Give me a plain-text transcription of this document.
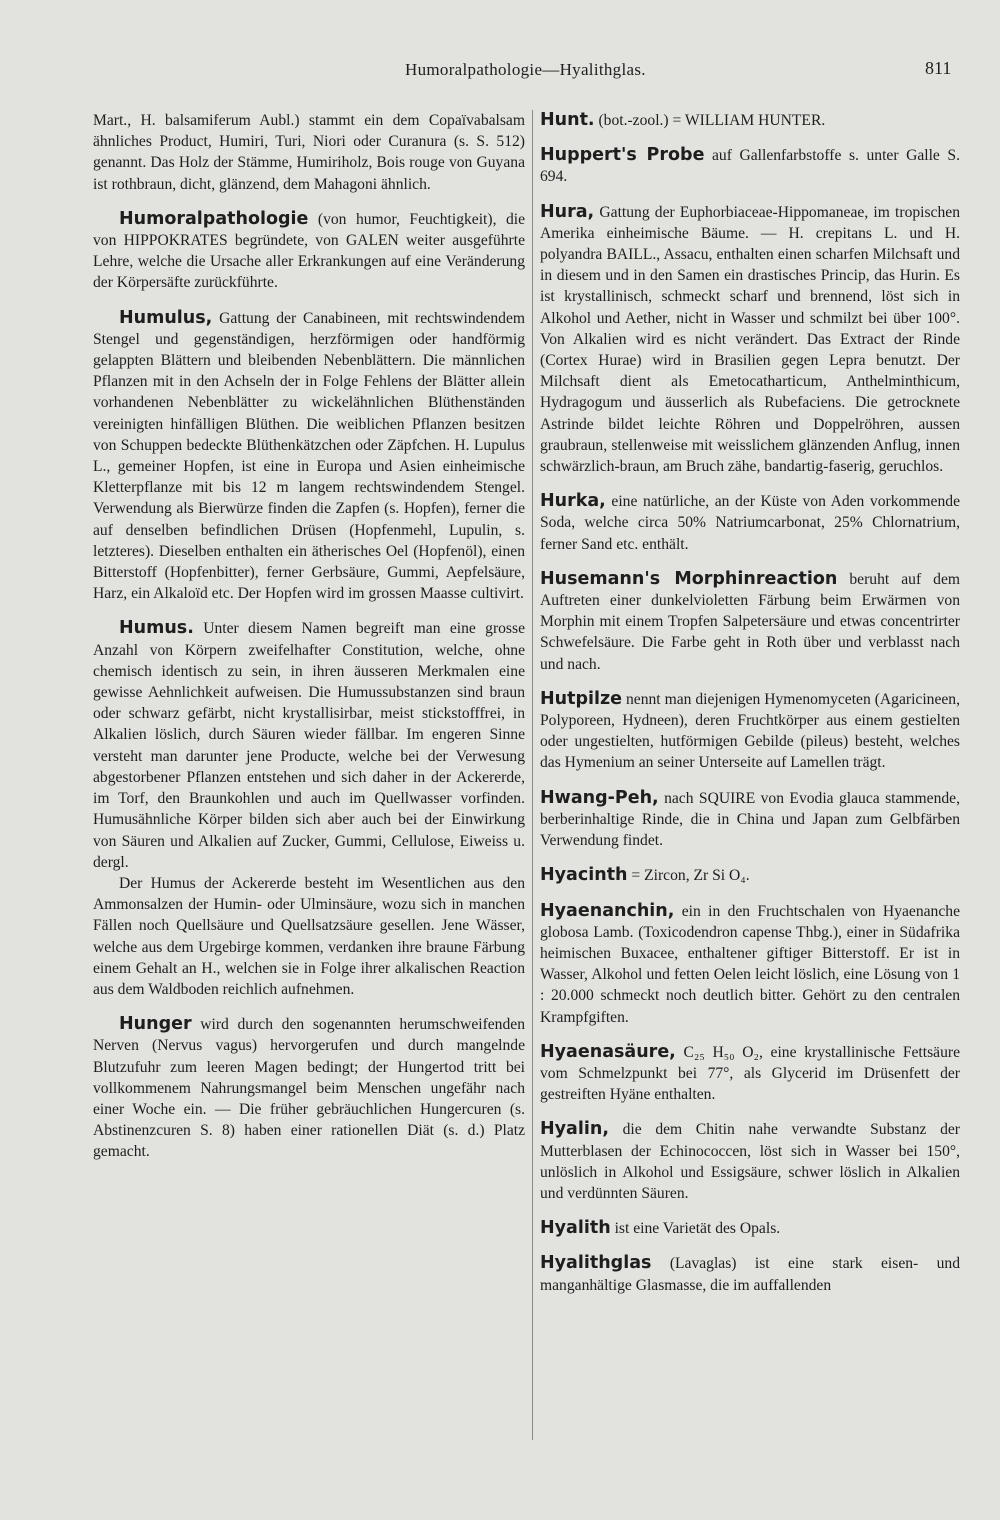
Humoralpathologie—Hyalithglas.	811

Mart., H. balsamiferum Aubl.) stammt ein dem Copaïvabalsam ähnliches Product, Humiri, Turi, Niori oder Curanura (s. S. 512) genannt. Das Holz der Stämme, Humiriholz, Bois rouge von Guyana ist rothbraun, dicht, glänzend, dem Mahagoni ähnlich.

Humoralpathologie (von humor, Feuchtigkeit), die von HIPPOKRATES begründete, von GALEN weiter ausgeführte Lehre, welche die Ursache aller Erkrankungen auf eine Veränderung der Körpersäfte zurückführte.

Humulus, Gattung der Canabineen, mit rechtswindendem Stengel und gegenständigen, herzförmigen oder handförmig gelappten Blättern und bleibenden Nebenblättern. Die männlichen Pflanzen mit in den Achseln der in Folge Fehlens der Blätter allein vorhandenen Nebenblätter zu wickelähnlichen Blüthenständen vereinigten hinfälligen Blüthen. Die weiblichen Pflanzen besitzen von Schuppen bedeckte Blüthenkätzchen oder Zäpfchen. H. Lupulus L., gemeiner Hopfen, ist eine in Europa und Asien einheimische Kletterpflanze mit bis 12 m langem rechtswindendem Stengel. Verwendung als Bierwürze finden die Zapfen (s. Hopfen), ferner die auf denselben befindlichen Drüsen (Hopfenmehl, Lupulin, s. letzteres). Dieselben enthalten ein ätherisches Oel (Hopfenöl), einen Bitterstoff (Hopfenbitter), ferner Gerbsäure, Gummi, Aepfelsäure, Harz, ein Alkaloïd etc. Der Hopfen wird im grossen Maasse cultivirt.

Humus. Unter diesem Namen begreift man eine grosse Anzahl von Körpern zweifelhafter Constitution, welche, ohne chemisch identisch zu sein, in ihren äusseren Merkmalen eine gewisse Aehnlichkeit aufweisen. Die Humussubstanzen sind braun oder schwarz gefärbt, nicht krystallisirbar, meist stickstofffrei, in Alkalien löslich, durch Säuren wieder fällbar. Im engeren Sinne versteht man darunter jene Producte, welche bei der Verwesung abgestorbener Pflanzen entstehen und sich daher in der Ackererde, im Torf, den Braunkohlen und auch im Quellwasser vorfinden. Humusähnliche Körper bilden sich aber auch bei der Einwirkung von Säuren und Alkalien auf Zucker, Gummi, Cellulose, Eiweiss u. dergl.

Der Humus der Ackererde besteht im Wesentlichen aus den Ammonsalzen der Humin- oder Ulminsäure, wozu sich in manchen Fällen noch Quellsäure und Quellsatzsäure gesellen. Jene Wässer, welche aus dem Urgebirge kommen, verdanken ihre braune Färbung einem Gehalt an H., welchen sie in Folge ihrer alkalischen Reaction aus dem Waldboden reichlich aufnehmen.

Hunger wird durch den sogenannten herumschweifenden Nerven (Nervus vagus) hervorgerufen und durch mangelnde Blutzufuhr zum leeren Magen bedingt; der Hungertod tritt bei vollkommenem Nahrungsmangel beim Menschen ungefähr nach einer Woche ein. — Die früher gebräuchlichen Hungercuren (s. Abstinenzcuren S. 8) haben einer rationellen Diät (s. d.) Platz gemacht.

Hunt. (bot.-zool.) = WILLIAM HUNTER.

Huppert's Probe auf Gallenfarbstoffe s. unter Galle S. 694.

Hura, Gattung der Euphorbiaceae-Hippomaneae, im tropischen Amerika einheimische Bäume. — H. crepitans L. und H. polyandra BAILL., Assacu, enthalten einen scharfen Milchsaft und in diesem und in den Samen ein drastisches Princip, das Hurin. Es ist krystallinisch, schmeckt scharf und brennend, löst sich in Alkohol und Aether, nicht in Wasser und schmilzt bei über 100°. Von Alkalien wird es nicht verändert. Das Extract der Rinde (Cortex Hurae) wird in Brasilien gegen Lepra benutzt. Der Milchsaft dient als Emetocatharticum, Anthelminthicum, Hydragogum und äusserlich als Rubefaciens. Die getrocknete Astrinde bildet leichte Röhren und Doppelröhren, aussen graubraun, stellenweise mit weisslichem glänzenden Anflug, innen schwärzlich-braun, am Bruch zähe, bandartig-faserig, geruchlos.

Hurka, eine natürliche, an der Küste von Aden vorkommende Soda, welche circa 50% Natriumcarbonat, 25% Chlornatrium, ferner Sand etc. enthält.

Husemann's Morphinreaction beruht auf dem Auftreten einer dunkelvioletten Färbung beim Erwärmen von Morphin mit einem Tropfen Salpetersäure und etwas concentrirter Schwefelsäure. Die Farbe geht in Roth über und verblasst nach und nach.

Hutpilze nennt man diejenigen Hymenomyceten (Agaricineen, Polyporeen, Hydneen), deren Fruchtkörper aus einem gestielten oder ungestielten, hutförmigen Gebilde (pileus) besteht, welches das Hymenium an seiner Unterseite auf Lamellen trägt.

Hwang-Peh, nach SQUIRE von Evodia glauca stammende, berberinhaltige Rinde, die in China und Japan zum Gelbfärben Verwendung findet.

Hyacinth = Zircon, Zr Si O₄.

Hyaenanchin, ein in den Fruchtschalen von Hyaenanche globosa Lamb. (Toxicodendron capense Thbg.), einer in Südafrika heimischen Buxacee, enthaltener giftiger Bitterstoff. Er ist in Wasser, Alkohol und fetten Oelen leicht löslich, eine Lösung von 1 : 20.000 schmeckt noch deutlich bitter. Gehört zu den centralen Krampfgiften.

Hyaenasäure, C₂₅ H₅₀ O₂, eine krystallinische Fettsäure vom Schmelzpunkt bei 77°, als Glycerid im Drüsenfett der gestreiften Hyäne enthalten.

Hyalin, die dem Chitin nahe verwandte Substanz der Mutterblasen der Echinococcen, löst sich in Wasser bei 150°, unlöslich in Alkohol und Essigsäure, schwer löslich in Alkalien und verdünnten Säuren.

Hyalith ist eine Varietät des Opals.

Hyalithglas (Lavaglas) ist eine stark eisen- und manganhältige Glasmasse, die im auffallenden
